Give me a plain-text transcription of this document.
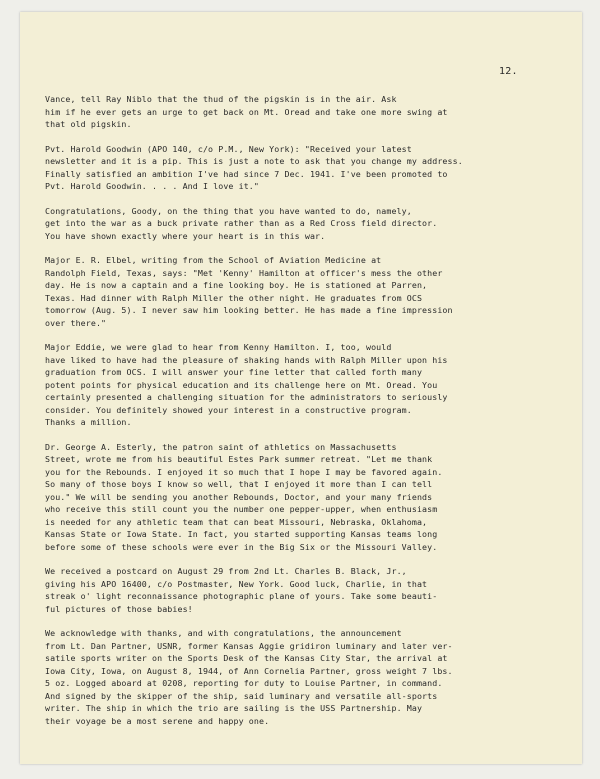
12.

Vance, tell Ray Niblo that the thud of the pigskin is in the air. Ask
him if he ever gets an urge to get back on Mt. Oread and take one more swing at
that old pigskin.

Pvt. Harold Goodwin (APO 140, c/o P.M., New York): "Received your latest
newsletter and it is a pip. This is just a note to ask that you change my address.
Finally satisfied an ambition I've had since 7 Dec. 1941. I've been promoted to
Pvt. Harold Goodwin. . . . And I love it."

Congratulations, Goody, on the thing that you have wanted to do, namely,
get into the war as a buck private rather than as a Red Cross field director.
You have shown exactly where your heart is in this war.

Major E. R. Elbel, writing from the School of Aviation Medicine at
Randolph Field, Texas, says: "Met 'Kenny' Hamilton at officer's mess the other
day. He is now a captain and a fine looking boy. He is stationed at Parren,
Texas. Had dinner with Ralph Miller the other night. He graduates from OCS
tomorrow (Aug. 5). I never saw him looking better. He has made a fine impression
over there."

Major Eddie, we were glad to hear from Kenny Hamilton. I, too, would
have liked to have had the pleasure of shaking hands with Ralph Miller upon his
graduation from OCS. I will answer your fine letter that called forth many
potent points for physical education and its challenge here on Mt. Oread. You
certainly presented a challenging situation for the administrators to seriously
consider. You definitely showed your interest in a constructive program.
Thanks a million.

Dr. George A. Esterly, the patron saint of athletics on Massachusetts
Street, wrote me from his beautiful Estes Park summer retreat. "Let me thank
you for the Rebounds. I enjoyed it so much that I hope I may be favored again.
So many of those boys I know so well, that I enjoyed it more than I can tell
you." We will be sending you another Rebounds, Doctor, and your many friends
who receive this still count you the number one pepper-upper, when enthusiasm
is needed for any athletic team that can beat Missouri, Nebraska, Oklahoma,
Kansas State or Iowa State. In fact, you started supporting Kansas teams long
before some of these schools were ever in the Big Six or the Missouri Valley.

We received a postcard on August 29 from 2nd Lt. Charles B. Black, Jr.,
giving his APO 16400, c/o Postmaster, New York. Good luck, Charlie, in that
streak o' light reconnaissance photographic plane of yours. Take some beauti-
ful pictures of those babies!

We acknowledge with thanks, and with congratulations, the announcement
from Lt. Dan Partner, USNR, former Kansas Aggie gridiron luminary and later ver-
satile sports writer on the Sports Desk of the Kansas City Star, the arrival at
Iowa City, Iowa, on August 8, 1944, of Ann Cornelia Partner, gross weight 7 lbs.
5 oz. Logged aboard at 0208, reporting for duty to Louise Partner, in command.
And signed by the skipper of the ship, said luminary and versatile all-sports
writer. The ship in which the trio are sailing is the USS Partnership. May
their voyage be a most serene and happy one.
